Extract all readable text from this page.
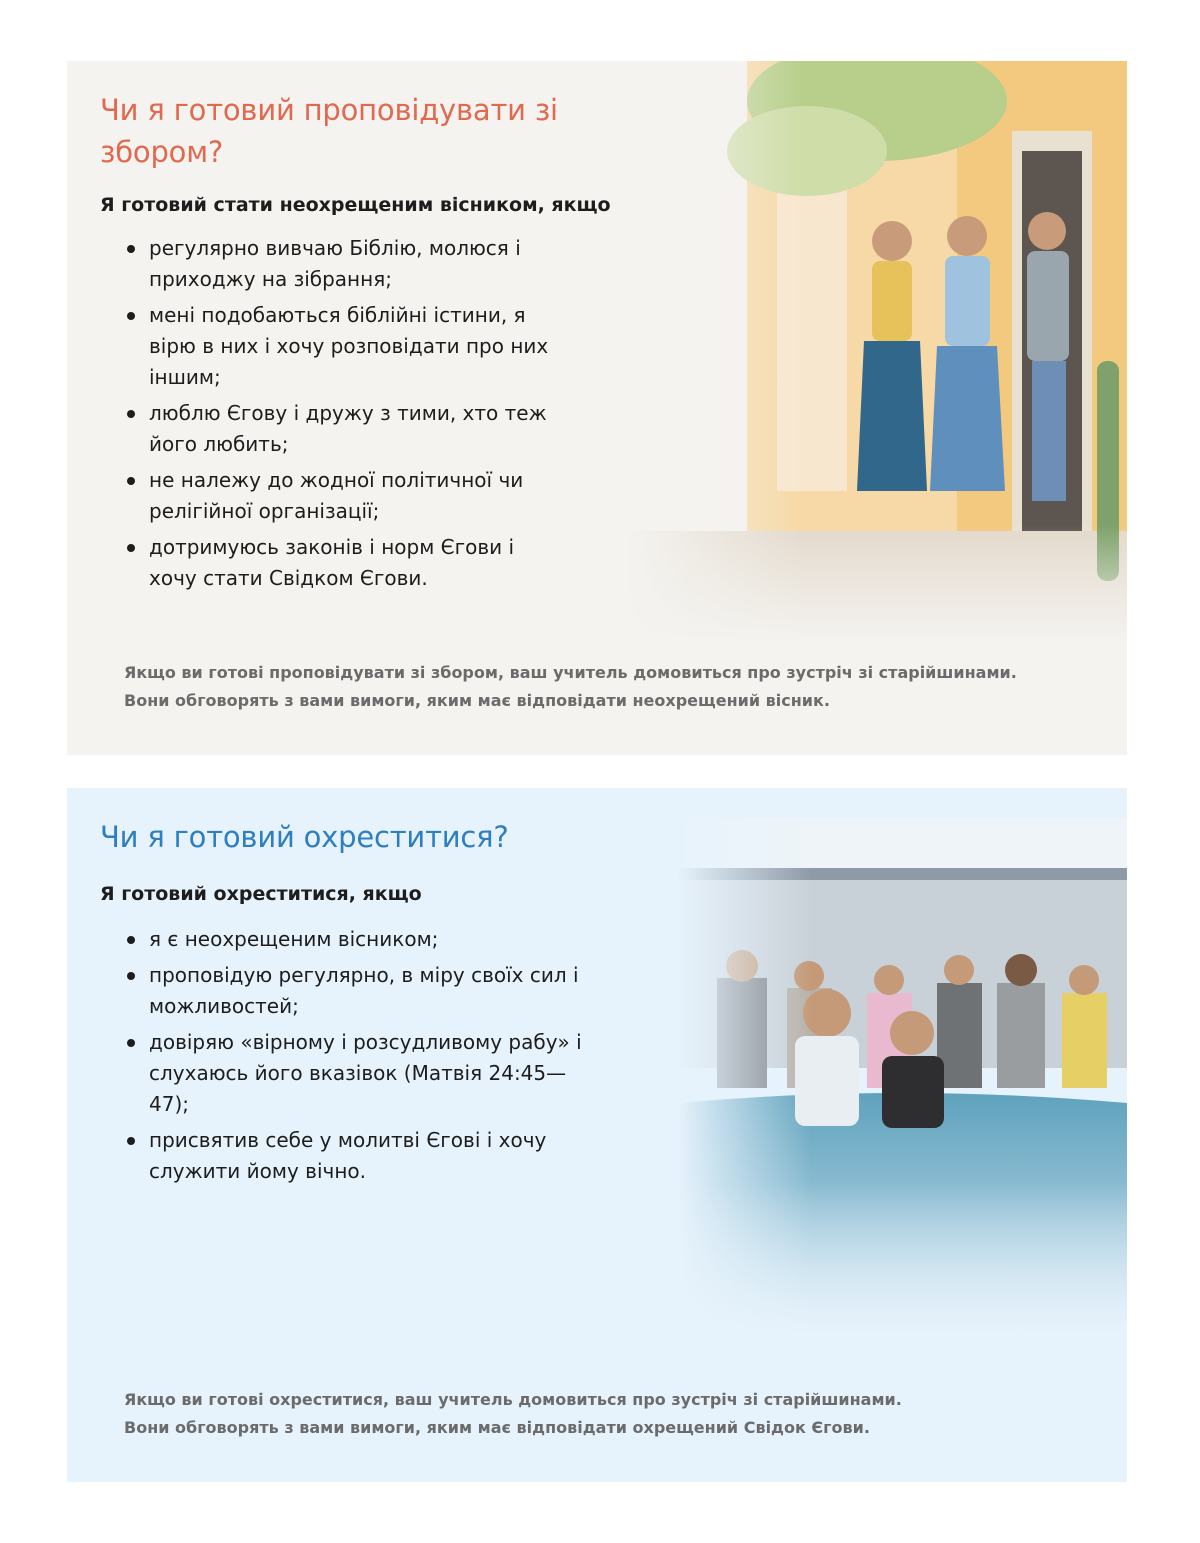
Чи я готовий проповідувати зі збором?

Я готовий стати неохрещеним вісником, якщо

регулярно вивчаю Біблію, молюся і приходжу на зібрання;
мені подобаються біблійні істини, я вірю в них і хочу розповідати про них іншим;
люблю Єгову і дружу з тими, хто теж його любить;
не належу до жодної політичної чи релігійної організації;
дотримуюсь законів і норм Єгови і хочу стати Свідком Єгови.
Якщо ви готові проповідувати зі збором, ваш учитель домовиться про зустріч зі старійшинами.
Вони обговорять з вами вимоги, яким має відповідати неохрещений вісник.
Чи я готовий охреститися?

Я готовий охреститися, якщо

я є неохрещеним вісником;
проповідую регулярно, в міру своїх сил і можливостей;
довіряю «вірному і розсудливому рабу» і слухаюсь його вказівок (Матвія 24:45—47);
присвятив себе у молитві Єгові і хочу служити йому вічно.
Якщо ви готові охреститися, ваш учитель домовиться про зустріч зі старійшинами.
Вони обговорять з вами вимоги, яким має відповідати охрещений Свідок Єгови.
